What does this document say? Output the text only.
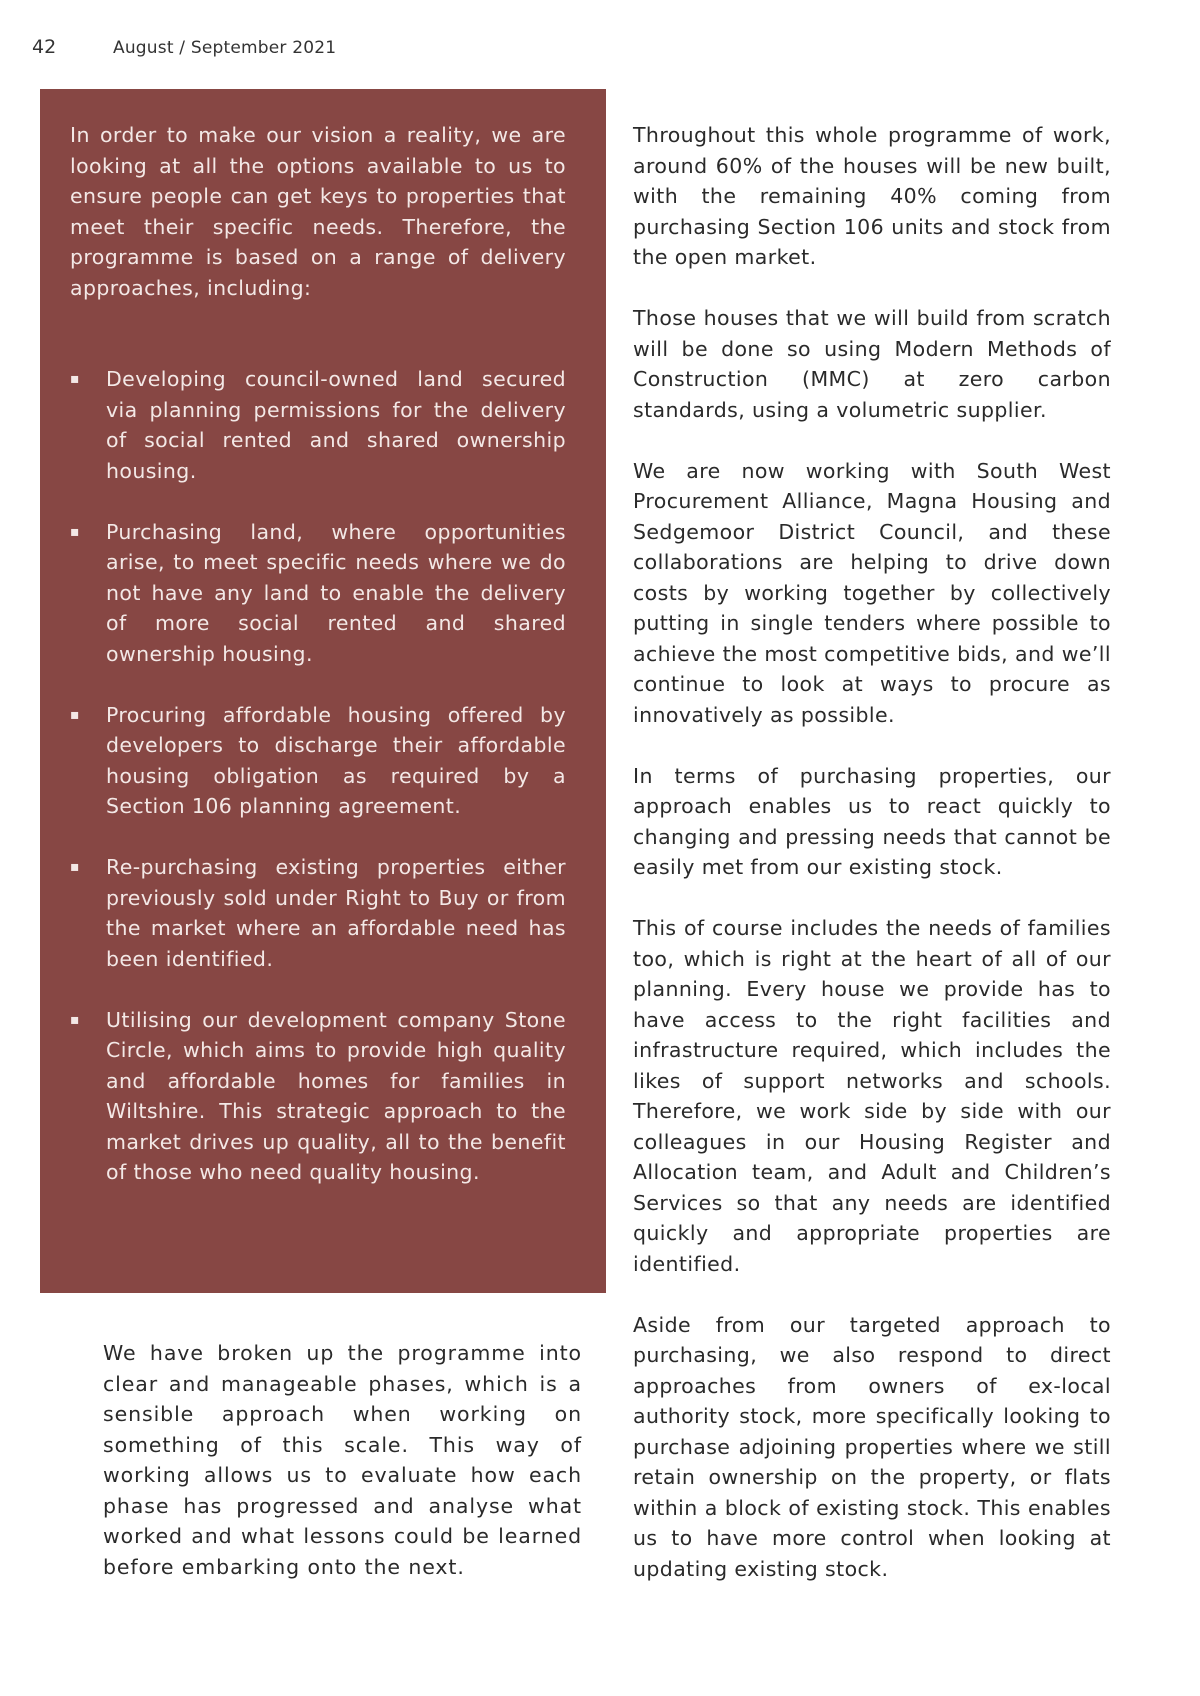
42	August / September 2021

In order to make our vision a reality, we are looking at all the options available to us to ensure people can get keys to properties that meet their specific needs. Therefore, the programme is based on a range of delivery approaches, including:

▪ Developing council-owned land secured via planning permissions for the delivery of social rented and shared ownership housing.
▪ Purchasing land, where opportunities arise, to meet specific needs where we do not have any land to enable the delivery of more social rented and shared ownership housing.
▪ Procuring affordable housing offered by developers to discharge their affordable housing obligation as required by a Section 106 planning agreement.
▪ Re-purchasing existing properties either previously sold under Right to Buy or from the market where an affordable need has been identified.
▪ Utilising our development company Stone Circle, which aims to provide high quality and affordable homes for families in Wiltshire. This strategic approach to the market drives up quality, all to the benefit of those who need quality housing.

We have broken up the programme into clear and manageable phases, which is a sensible approach when working on something of this scale. This way of working allows us to evaluate how each phase has progressed and analyse what worked and what lessons could be learned before embarking onto the next.

Throughout this whole programme of work, around 60% of the houses will be new built, with the remaining 40% coming from purchasing Section 106 units and stock from the open market.

Those houses that we will build from scratch will be done so using Modern Methods of Construction (MMC) at zero carbon standards, using a volumetric supplier.

We are now working with South West Procurement Alliance, Magna Housing and Sedgemoor District Council, and these collaborations are helping to drive down costs by working together by collectively putting in single tenders where possible to achieve the most competitive bids, and we’ll continue to look at ways to procure as innovatively as possible.

In terms of purchasing properties, our approach enables us to react quickly to changing and pressing needs that cannot be easily met from our existing stock.

This of course includes the needs of families too, which is right at the heart of all of our planning. Every house we provide has to have access to the right facilities and infrastructure required, which includes the likes of support networks and schools. Therefore, we work side by side with our colleagues in our Housing Register and Allocation team, and Adult and Children’s Services so that any needs are identified quickly and appropriate properties are identified.

Aside from our targeted approach to purchasing, we also respond to direct approaches from owners of ex-local authority stock, more specifically looking to purchase adjoining properties where we still retain ownership on the property, or flats within a block of existing stock. This enables us to have more control when looking at updating existing stock.
